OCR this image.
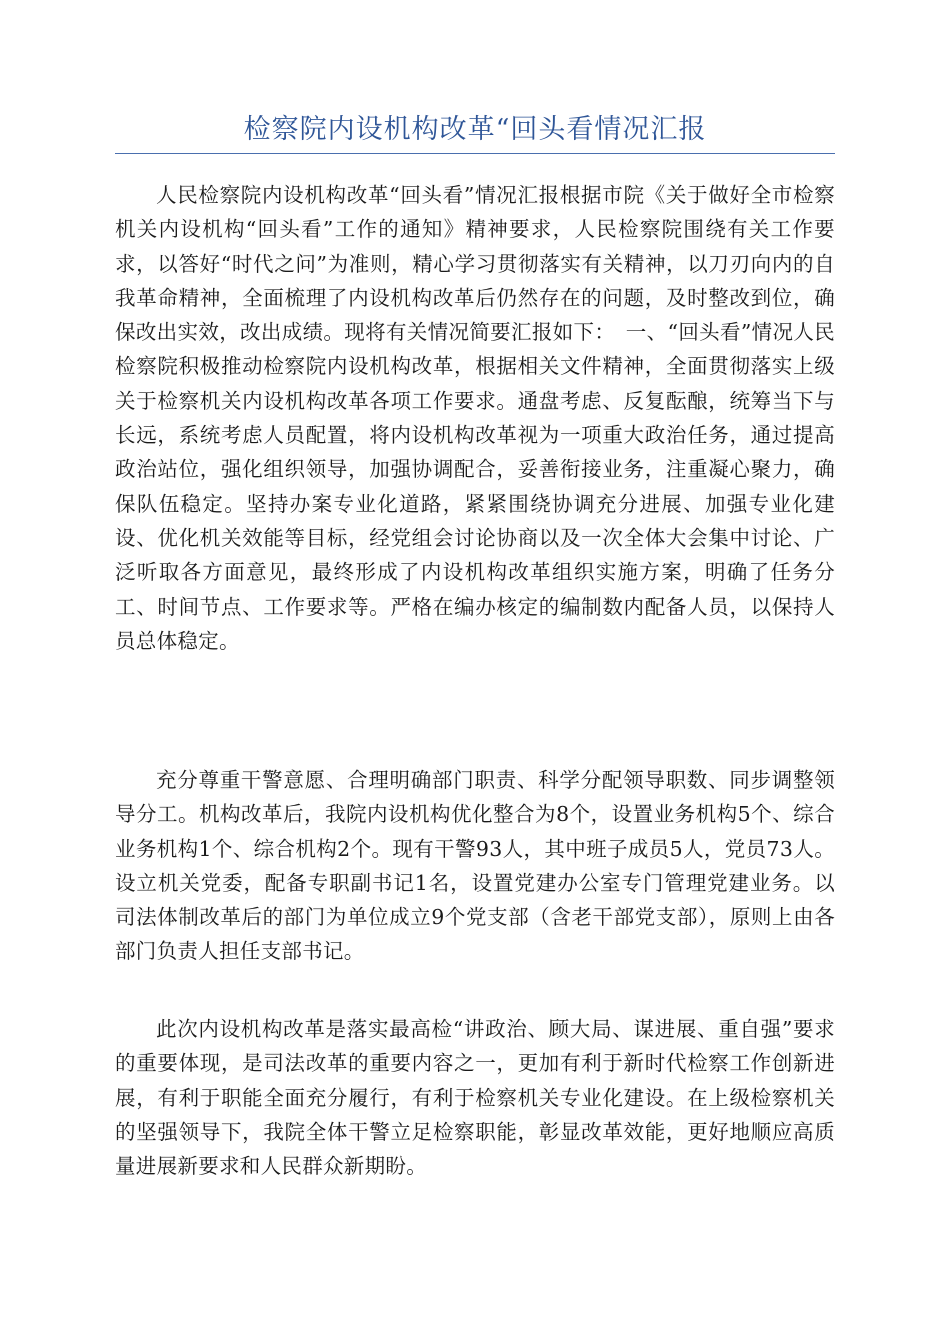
检察院内设机构改革“回头看情况汇报

人民检察院内设机构改革“回头看”情况汇报根据市院《关于做好全市检察机关内设机构“回头看”工作的通知》精神要求，人民检察院围绕有关工作要求，以答好“时代之问”为准则，精心学习贯彻落实有关精神，以刀刃向内的自我革命精神，全面梳理了内设机构改革后仍然存在的问题，及时整改到位，确保改出实效，改出成绩。现将有关情况简要汇报如下：　一、“回头看”情况人民检察院积极推动检察院内设机构改革，根据相关文件精神，全面贯彻落实上级关于检察机关内设机构改革各项工作要求。通盘考虑、反复酝酿，统筹当下与长远，系统考虑人员配置，将内设机构改革视为一项重大政治任务，通过提高政治站位，强化组织领导，加强协调配合，妥善衔接业务，注重凝心聚力，确保队伍稳定。坚持办案专业化道路，紧紧围绕协调充分进展、加强专业化建设、优化机关效能等目标，经党组会讨论协商以及一次全体大会集中讨论、广泛听取各方面意见，最终形成了内设机构改革组织实施方案，明确了任务分工、时间节点、工作要求等。严格在编办核定的编制数内配备人员，以保持人员总体稳定。

充分尊重干警意愿、合理明确部门职责、科学分配领导职数、同步调整领导分工。机构改革后，我院内设机构优化整合为8个，设置业务机构5个、综合业务机构1个、综合机构2个。现有干警93人，其中班子成员5人，党员73人。设立机关党委，配备专职副书记1名，设置党建办公室专门管理党建业务。以司法体制改革后的部门为单位成立9个党支部（含老干部党支部），原则上由各部门负责人担任支部书记。

此次内设机构改革是落实最高检“讲政治、顾大局、谋进展、重自强”要求的重要体现，是司法改革的重要内容之一，更加有利于新时代检察工作创新进展，有利于职能全面充分履行，有利于检察机关专业化建设。在上级检察机关的坚强领导下，我院全体干警立足检察职能，彰显改革效能，更好地顺应高质量进展新要求和人民群众新期盼。
